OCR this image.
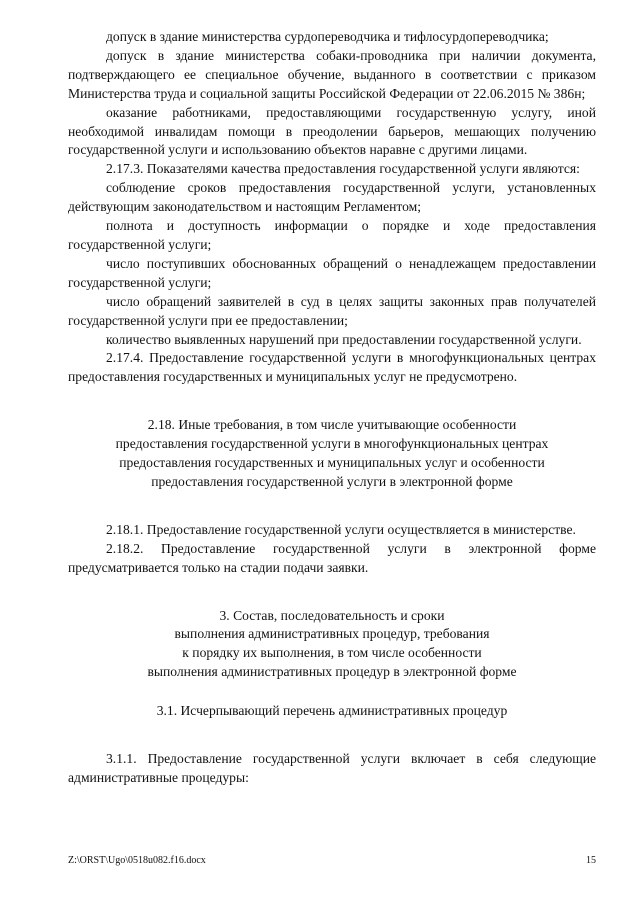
допуск в здание министерства сурдопереводчика и тифлосурдопереводчика;

допуск в здание министерства собаки-проводника при наличии документа, подтверждающего ее специальное обучение, выданного в соответствии с приказом Министерства труда и социальной защиты Российской Федерации от 22.06.2015 № 386н;

оказание работниками, предоставляющими государственную услугу, иной необходимой инвалидам помощи в преодолении барьеров, мешающих получению государственной услуги и использованию объектов наравне с другими лицами.

2.17.3. Показателями качества предоставления государственной услуги являются:

соблюдение сроков предоставления государственной услуги, установленных действующим законодательством и настоящим Регламентом;

полнота и доступность информации о порядке и ходе предоставления государственной услуги;

число поступивших обоснованных обращений о ненадлежащем предоставлении государственной услуги;

число обращений заявителей в суд в целях защиты законных прав получателей государственной услуги при ее предоставлении;

количество выявленных нарушений при предоставлении государственной услуги.

2.17.4. Предоставление государственной услуги в многофункциональных центрах предоставления государственных и муниципальных услуг не предусмотрено.

2.18. Иные требования, в том числе учитывающие особенности
предоставления государственной услуги в многофункциональных центрах
предоставления государственных и муниципальных услуг и особенности
предоставления государственной услуги в электронной форме

2.18.1. Предоставление государственной услуги осуществляется в министерстве.

2.18.2. Предоставление государственной услуги в электронной форме предусматривается только на стадии подачи заявки.

3. Состав, последовательность и сроки
выполнения административных процедур, требования
к порядку их выполнения, в том числе особенности
выполнения административных процедур в электронной форме
3.1. Исчерпывающий перечень административных процедур

3.1.1. Предоставление государственной услуги включает в себя следующие административные процедуры:

Z:\ORST\Ugo\0518u082.f16.docx	15
